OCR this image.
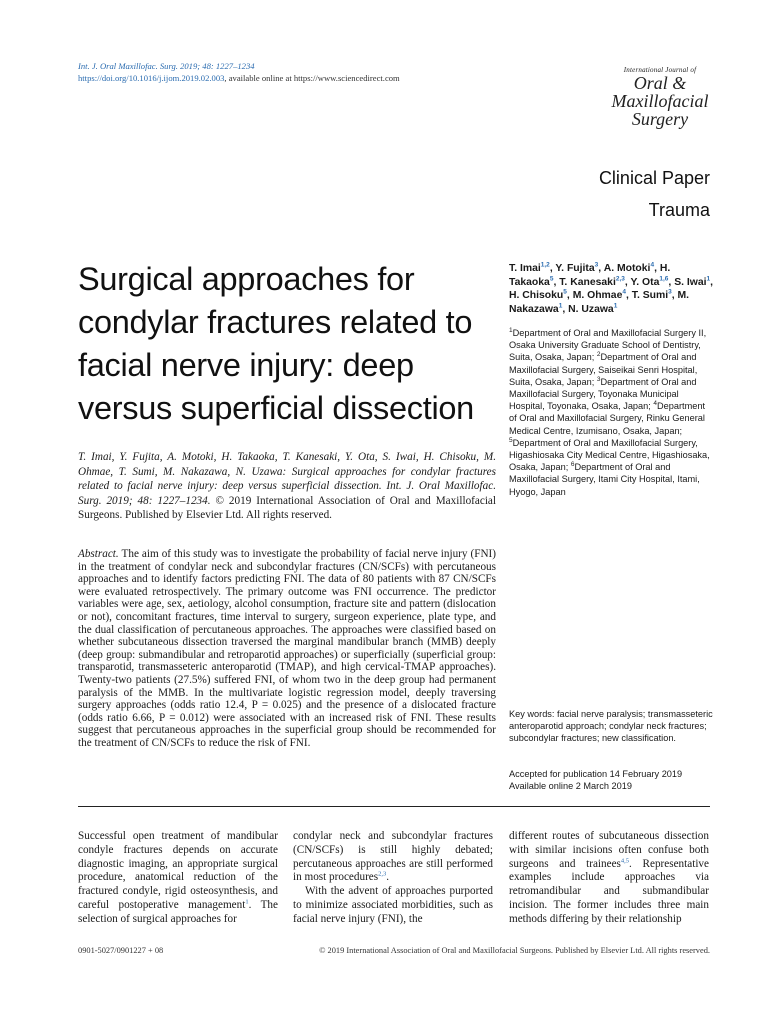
Int. J. Oral Maxillofac. Surg. 2019; 48: 1227–1234
https://doi.org/10.1016/j.ijom.2019.02.003, available online at https://www.sciencedirect.com
International Journal of
Oral &
Maxillofacial
Surgery
Clinical Paper
Trauma
Surgical approaches for condylar fractures related to facial nerve injury: deep versus superficial dissection
T. Imai$^{1,2}$, Y. Fujita$^3$, A. Motoki$^4$, H. Takaoka$^5$, T. Kanesaki$^{2,3}$, Y. Ota$^{1,6}$, S. Iwai$^1$, H. Chisoku$^5$, M. Ohmae$^4$, T. Sumi$^3$, M. Nakazawa$^1$, N. Uzawa$^1$
$^1$Department of Oral and Maxillofacial Surgery II, Osaka University Graduate School of Dentistry, Suita, Osaka, Japan; $^2$Department of Oral and Maxillofacial Surgery, Saiseikai Senri Hospital, Suita, Osaka, Japan; $^3$Department of Oral and Maxillofacial Surgery, Toyonaka Municipal Hospital, Toyonaka, Osaka, Japan; $^4$Department of Oral and Maxillofacial Surgery, Rinku General Medical Centre, Izumisano, Osaka, Japan; $^5$Department of Oral and Maxillofacial Surgery, Higashiosaka City Medical Centre, Higashiosaka, Osaka, Japan; $^6$Department of Oral and Maxillofacial Surgery, Itami City Hospital, Itami, Hyogo, Japan
T. Imai, Y. Fujita, A. Motoki, H. Takaoka, T. Kanesaki, Y. Ota, S. Iwai, H. Chisoku, M. Ohmae, T. Sumi, M. Nakazawa, N. Uzawa: Surgical approaches for condylar fractures related to facial nerve injury: deep versus superficial dissection. Int. J. Oral Maxillofac. Surg. 2019; 48: 1227–1234. © 2019 International Association of Oral and Maxillofacial Surgeons. Published by Elsevier Ltd. All rights reserved.
Abstract. The aim of this study was to investigate the probability of facial nerve injury (FNI) in the treatment of condylar neck and subcondylar fractures (CN/SCFs) with percutaneous approaches and to identify factors predicting FNI. The data of 80 patients with 87 CN/SCFs were evaluated retrospectively. The primary outcome was FNI occurrence. The predictor variables were age, sex, aetiology, alcohol consumption, fracture site and pattern (dislocation or not), concomitant fractures, time interval to surgery, surgeon experience, plate type, and the dual classification of percutaneous approaches. The approaches were classified based on whether subcutaneous dissection traversed the marginal mandibular branch (MMB) deeply (deep group: submandibular and retroparotid approaches) or superficially (superficial group: transparotid, transmasseteric anteroparotid (TMAP), and high cervical-TMAP approaches). Twenty-two patients (27.5%) suffered FNI, of whom two in the deep group had permanent paralysis of the MMB. In the multivariate logistic regression model, deeply traversing surgery approaches (odds ratio 12.4, P = 0.025) and the presence of a dislocated fracture (odds ratio 6.66, P = 0.012) were associated with an increased risk of FNI. These results suggest that percutaneous approaches in the superficial group should be recommended for the treatment of CN/SCFs to reduce the risk of FNI.
Key words: facial nerve paralysis; transmasseteric anteroparotid approach; condylar neck fractures; subcondylar fractures; new classification.
Accepted for publication 14 February 2019
Available online 2 March 2019
Successful open treatment of mandibular condyle fractures depends on accurate diagnostic imaging, an appropriate surgical procedure, anatomical reduction of the fractured condyle, rigid osteosynthesis, and careful postoperative management$^1$. The selection of surgical approaches for
condylar neck and subcondylar fractures (CN/SCFs) is still highly debated; percutaneous approaches are still performed in most procedures$^{2,3}$.
With the advent of approaches purported to minimize associated morbidities, such as facial nerve injury (FNI), the
different routes of subcutaneous dissection with similar incisions often confuse both surgeons and trainees$^{4,5}$. Representative examples include approaches via retromandibular and submandibular incision. The former includes three main methods differing by their relationship
0901-5027/0901227 + 08	© 2019 International Association of Oral and Maxillofacial Surgeons. Published by Elsevier Ltd. All rights reserved.
